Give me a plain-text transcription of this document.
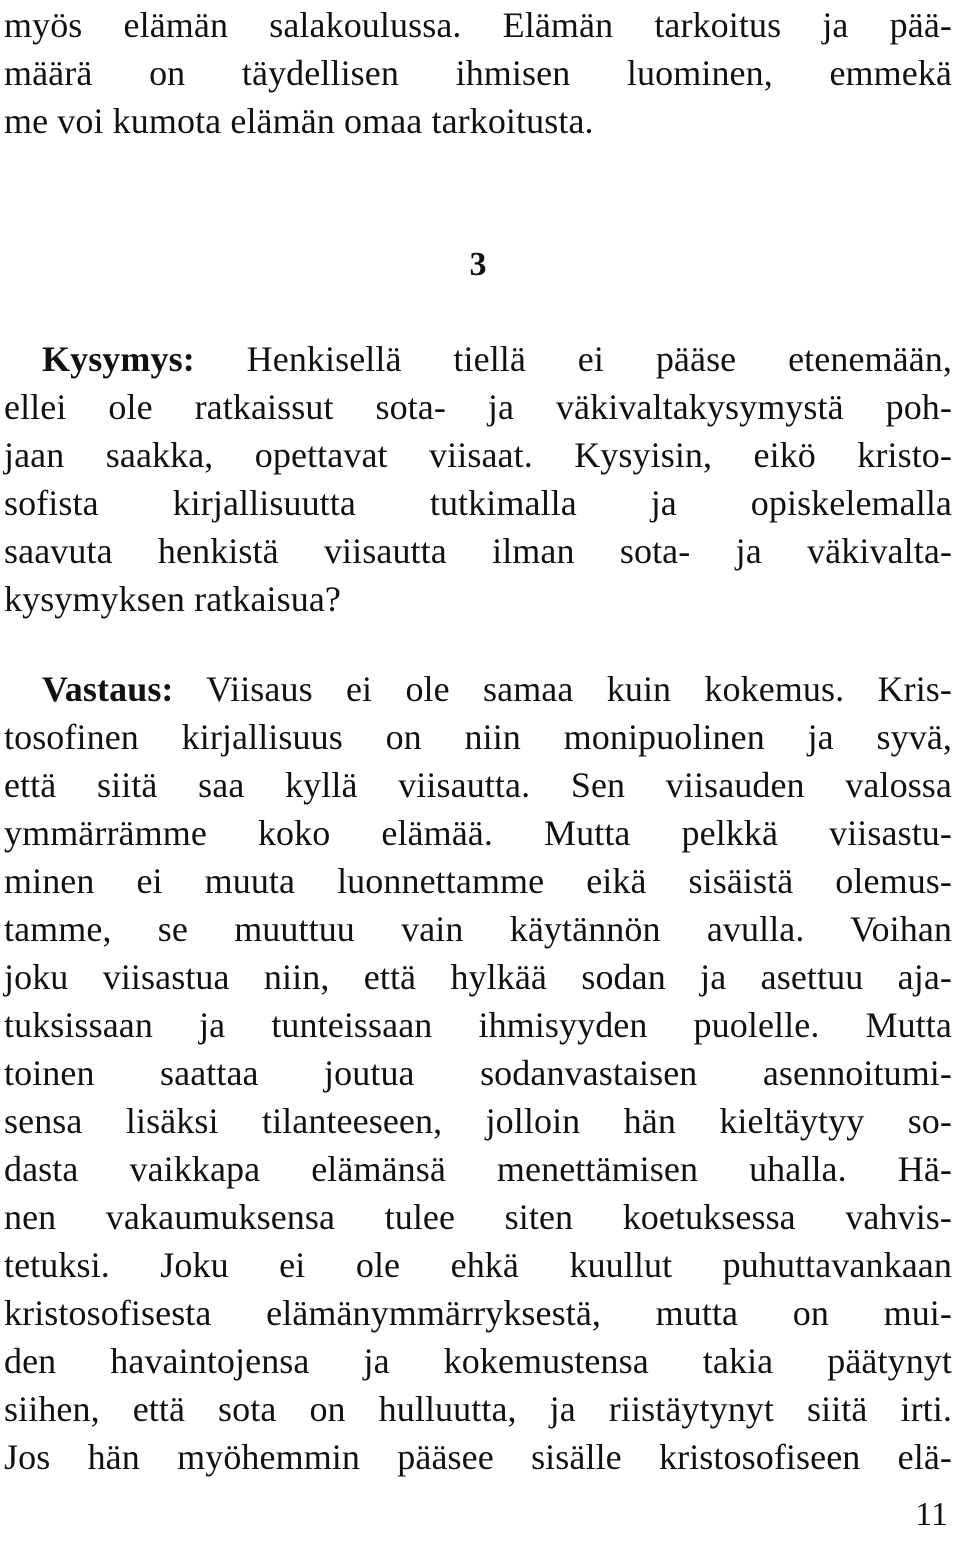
myös elämän salakoulussa. Elämän tarkoitus ja pää-
määrä on täydellisen ihmisen luominen, emmekä
me voi kumota elämän omaa tarkoitusta.
3
Kysymys: Henkisellä tiellä ei pääse etenemään,
ellei ole ratkaissut sota- ja väkivaltakysymystä poh-
jaan saakka, opettavat viisaat. Kysyisin, eikö kristo-
sofista kirjallisuutta tutkimalla ja opiskelemalla
saavuta henkistä viisautta ilman sota- ja väkivalta-
kysymyksen ratkaisua?
Vastaus: Viisaus ei ole samaa kuin kokemus. Kris-
tosofinen kirjallisuus on niin monipuolinen ja syvä,
että siitä saa kyllä viisautta. Sen viisauden valossa
ymmärrämme koko elämää. Mutta pelkkä viisastu-
minen ei muuta luonnettamme eikä sisäistä olemus-
tamme, se muuttuu vain käytännön avulla. Voihan
joku viisastua niin, että hylkää sodan ja asettuu aja-
tuksissaan ja tunteissaan ihmisyyden puolelle. Mutta
toinen saattaa joutua sodanvastaisen asennoitumi-
sensa lisäksi tilanteeseen, jolloin hän kieltäytyy so-
dasta vaikkapa elämänsä menettämisen uhalla. Hä-
nen vakaumuksensa tulee siten koetuksessa vahvis-
tetuksi. Joku ei ole ehkä kuullut puhuttavankaan
kristosofisesta elämänymmärryksestä, mutta on mui-
den havaintojensa ja kokemustensa takia päätynyt
siihen, että sota on hulluutta, ja riistäytynyt siitä irti.
Jos hän myöhemmin pääsee sisälle kristosofiseen elä-
11
